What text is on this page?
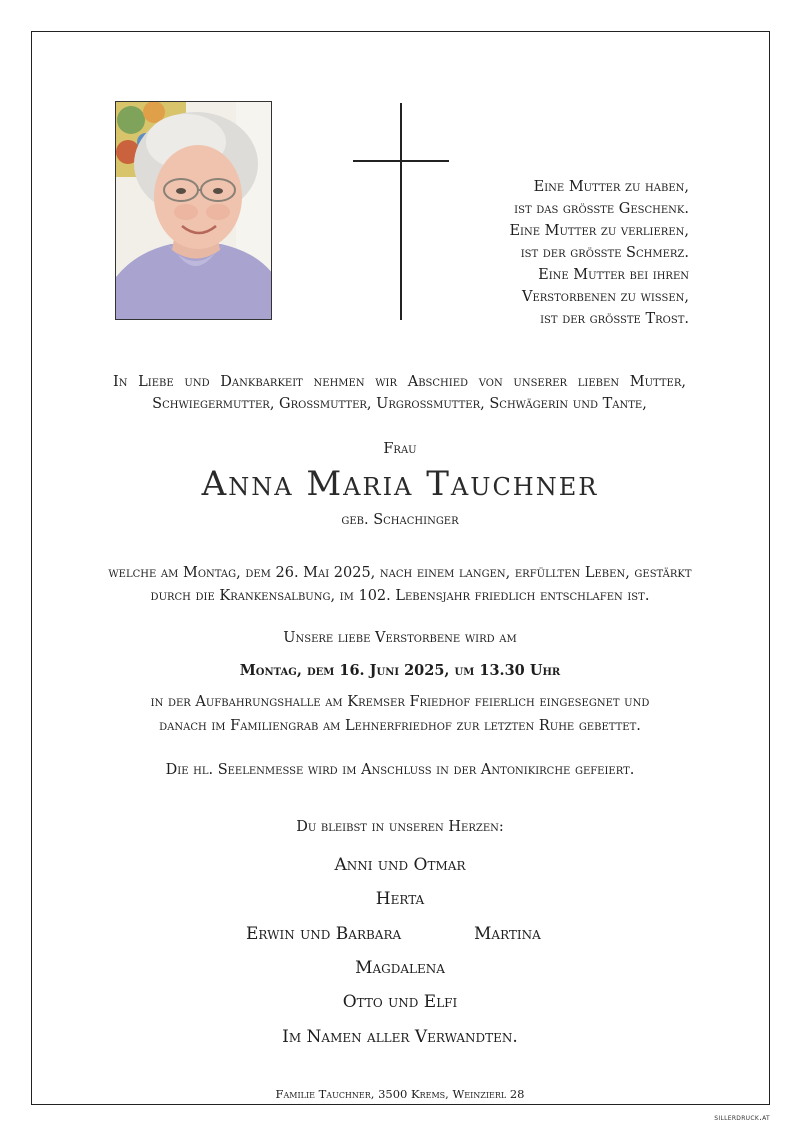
Eine Mutter zu haben,
ist das grösste Geschenk.
Eine Mutter zu verlieren,
ist der grösste Schmerz.
Eine Mutter bei ihren
Verstorbenen zu wissen,
ist der grösste Trost.
In Liebe und Dankbarkeit nehmen wir Abschied von unserer lieben Mutter,
Schwiegermutter, Grossmutter, Urgrossmutter, Schwägerin und Tante,
Frau
Anna Maria Tauchner
geb. Schachinger
welche am Montag, dem 26. Mai 2025, nach einem langen, erfüllten Leben, gestärkt
durch die Krankensalbung, im 102. Lebensjahr friedlich entschlafen ist.
Unsere liebe Verstorbene wird am
Montag, dem 16. Juni 2025, um 13.30 Uhr
in der Aufbahrungshalle am Kremser Friedhof feierlich eingesegnet und
danach im Familiengrab am Lehnerfriedhof zur letzten Ruhe gebettet.
Die hl. Seelenmesse wird im Anschluss in der Antonikirche gefeiert.
Du bleibst in unseren Herzen:
Anni und Otmar
Herta
Erwin und Barbara	Martina
Magdalena
Otto und Elfi
Im Namen aller Verwandten.
Familie Tauchner, 3500 Krems, Weinzierl 28
sillerdruck.at
